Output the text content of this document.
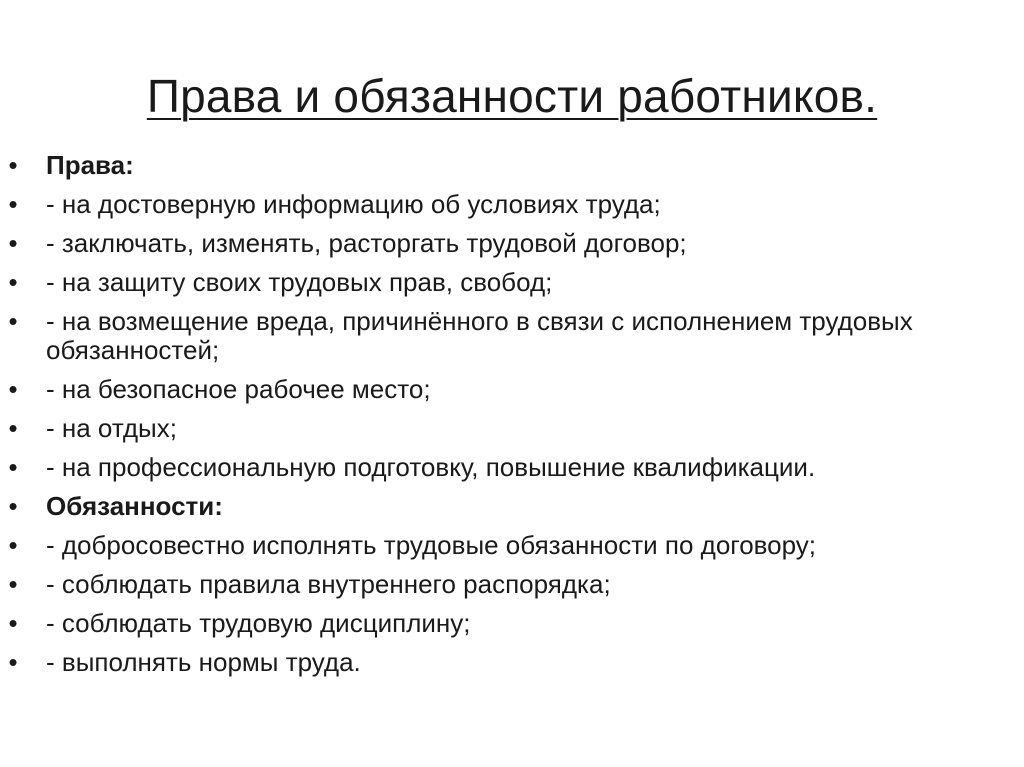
Права и обязанности работников.
• Права:
• - на достоверную информацию об условиях труда;
• - заключать, изменять, расторгать трудовой договор;
• - на защиту своих трудовых прав, свобод;
• - на возмещение вреда, причинённого в связи с исполнением трудовых обязанностей;
• - на безопасное рабочее место;
• - на отдых;
• - на профессиональную подготовку, повышение квалификации.
• Обязанности:
• - добросовестно исполнять трудовые обязанности по договору;
• - соблюдать правила внутреннего распорядка;
• - соблюдать трудовую дисциплину;
• - выполнять нормы труда.
